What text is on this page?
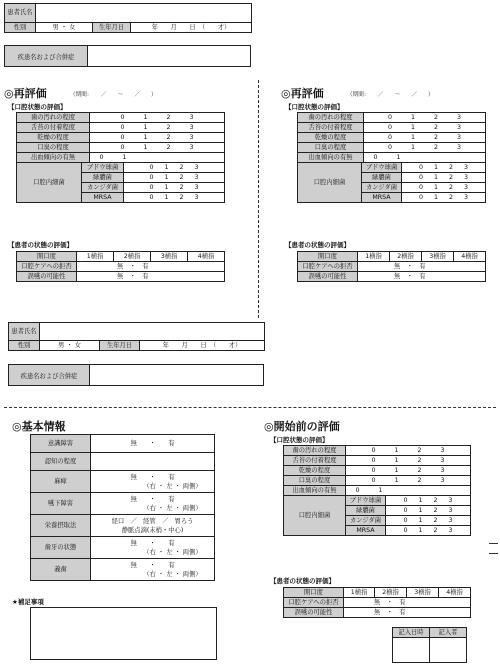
患者氏名			
性別	男 ・ 女	生年月日	年　　月　　日　（　　才）
疾患名および合併症
◎再評価	（期間：　　／　　～　　／　　）
【口腔状態の評価】
歯の汚れの程度	0 1 2 3
舌苔の付着程度	0 1 2 3
乾燥の程度	0 1 2 3
口臭の程度	0 1 2 3
出血傾向の有無	0 1
口腔内細菌	ブドウ球菌	0 1 2 3
	緑膿菌	0 1 2 3
	カンジダ菌	0 1 2 3
	MRSA	0 1 2 3
【患者の状態の評価】
開口度	1横指	2横指	3横指	4横指
口腔ケアへの拒否	無　・　有			
誤嚥の可能性	無　・　有			
◎再評価	（期間：　　／　　～　　／　　）
【口腔状態の評価】
歯の汚れの程度	0 1 2 3
舌苔の付着程度	0 1 2 3
乾燥の程度	0 1 2 3
口臭の程度	0 1 2 3
出血傾向の有無	0 1
口腔内細菌	ブドウ球菌	0 1 2 3
	緑膿菌	0 1 2 3
	カンジダ菌	0 1 2 3
	MRSA	0 1 2 3
【患者の状態の評価】
開口度	1横指	2横指	3横指	4横指
口腔ケアへの拒否	無　・　有			
誤嚥の可能性	無　・　有			
患者氏名			
性別	男 ・ 女	生年月日	年　　月　　日　（　　才）
疾患名および合併症
◎基本情報
意識障害	無　　・　　有
認知の程度	
麻痺	無　　・　　有
（右 ・ 左 ・ 両側）

嚥下障害	無　　・　　有
（右 ・ 左 ・ 両側）

栄養摂取法	経口　／　経管　／　胃ろう
静脈点滴(末梢・中心)

歯牙の状態	無　　・　　有
（右 ・ 左 ・ 両側）

義歯	無　　・　　有
（右 ・ 左 ・ 両側）
★補足事項
◎開始前の評価
【口腔状態の評価】
歯の汚れの程度	0 1 2 3
舌苔の付着程度	0 1 2 3
乾燥の程度	0 1 2 3
口臭の程度	0 1 2 3
出血傾向の有無	0 1
口腔内細菌	ブドウ球菌	0 1 2 3
	緑膿菌	0 1 2 3
	カンジダ菌	0 1 2 3
	MRSA	0 1 2 3
【患者の状態の評価】
開口度	1横指	2横指	3横指	4横指
口腔ケアへの拒否	無　・　有			
誤嚥の可能性	無　・　有			
記入日時	記入者
